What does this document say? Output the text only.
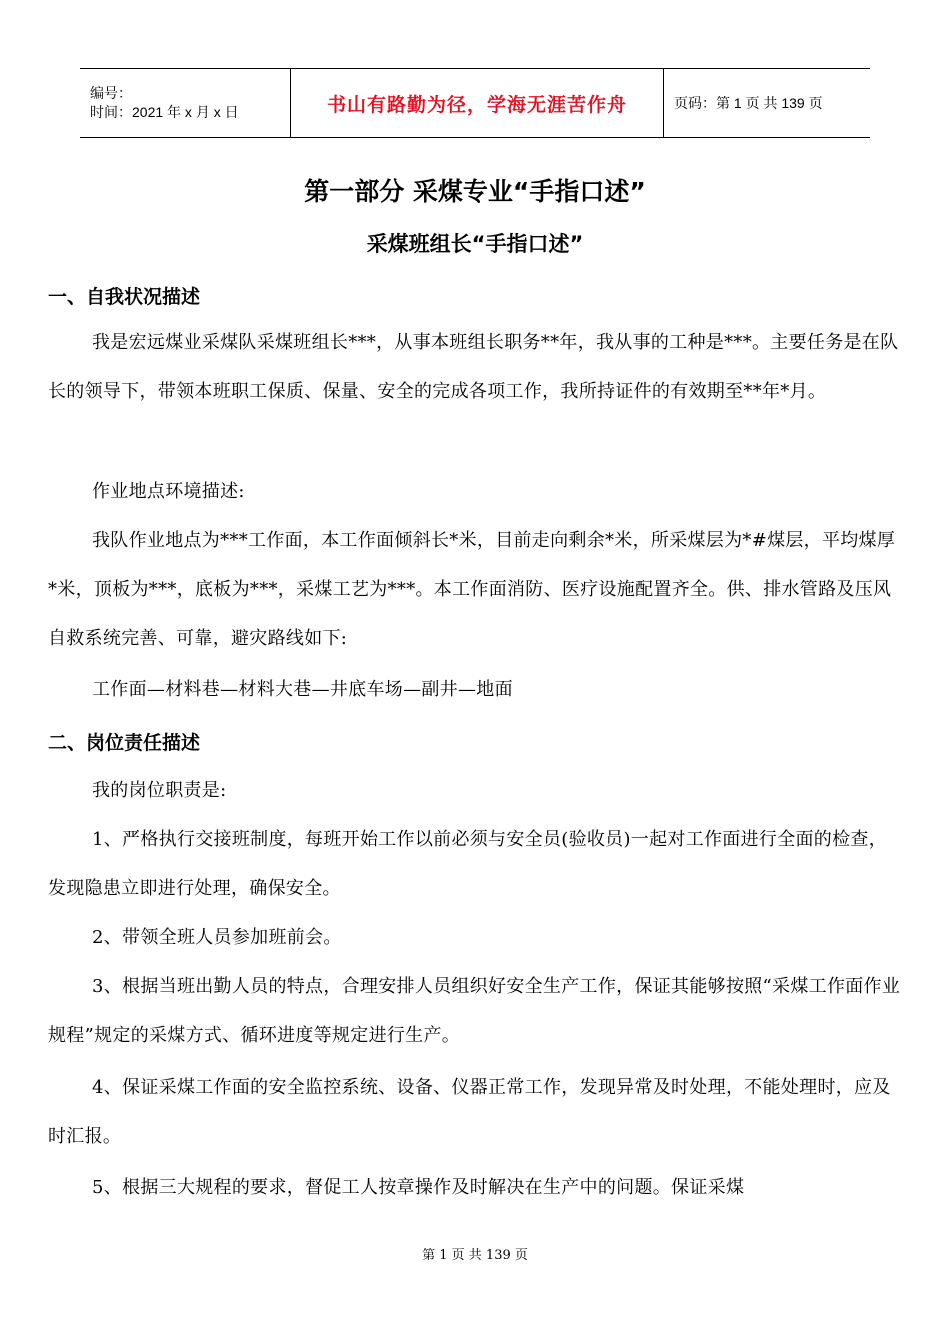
编号：
时间：2021 年 x 月 x 日	书山有路勤为径，学海无涯苦作舟	页码：第 1 页 共 139 页
第一部分 采煤专业“手指口述”
采煤班组长“手指口述”
一、自我状况描述
我是宏远煤业采煤队采煤班组长***，从事本班组长职务**年，我从事的工种是***。主要任务是在队长的领导下，带领本班职工保质、保量、安全的完成各项工作，我所持证件的有效期至**年*月。
作业地点环境描述:
我队作业地点为***工作面，本工作面倾斜长*米，目前走向剩余*米，所采煤层为*#煤层，平均煤厚*米，顶板为***，底板为***，采煤工艺为***。本工作面消防、医疗设施配置齐全。供、排水管路及压风自救系统完善、可靠，避灾路线如下:
工作面—材料巷—材料大巷—井底车场—副井—地面
二、岗位责任描述
我的岗位职责是:
1、严格执行交接班制度，每班开始工作以前必须与安全员(验收员)一起对工作面进行全面的检查，发现隐患立即进行处理，确保安全。
2、带领全班人员参加班前会。
3、根据当班出勤人员的特点，合理安排人员组织好安全生产工作，保证其能够按照“采煤工作面作业规程”规定的采煤方式、循环进度等规定进行生产。
4、保证采煤工作面的安全监控系统、设备、仪器正常工作，发现异常及时处理，不能处理时，应及时汇报。
5、根据三大规程的要求，督促工人按章操作及时解决在生产中的问题。保证采煤
第 1 页 共 139 页
